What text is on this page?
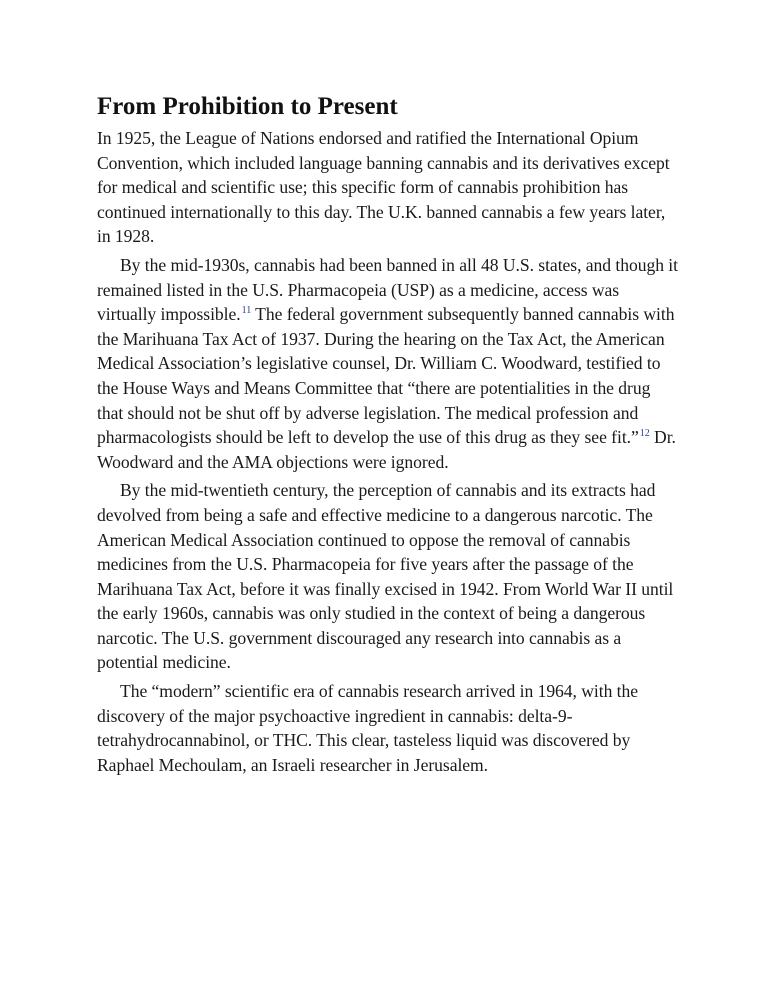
From Prohibition to Present

In 1925, the League of Nations endorsed and ratified the International Opium Convention, which included language banning cannabis and its derivatives except for medical and scientific use; this specific form of cannabis prohibition has continued internationally to this day. The U.K. banned cannabis a few years later, in 1928.

By the mid-1930s, cannabis had been banned in all 48 U.S. states, and though it remained listed in the U.S. Pharmacopeia (USP) as a medicine, access was virtually impossible.$^{11}$ The federal government subsequently banned cannabis with the Marihuana Tax Act of 1937. During the hearing on the Tax Act, the American Medical Association’s legislative counsel, Dr. William C. Woodward, testified to the House Ways and Means Committee that “there are potentialities in the drug that should not be shut off by adverse legislation. The medical profession and pharmacologists should be left to develop the use of this drug as they see fit.”$^{12}$ Dr. Woodward and the AMA objections were ignored.

By the mid-twentieth century, the perception of cannabis and its extracts had devolved from being a safe and effective medicine to a dangerous narcotic. The American Medical Association continued to oppose the removal of cannabis medicines from the U.S. Pharmacopeia for five years after the passage of the Marihuana Tax Act, before it was finally excised in 1942. From World War II until the early 1960s, cannabis was only studied in the context of being a dangerous narcotic. The U.S. government discouraged any research into cannabis as a potential medicine.

The “modern” scientific era of cannabis research arrived in 1964, with the discovery of the major psychoactive ingredient in cannabis: delta-9-tetrahydrocannabinol, or THC. This clear, tasteless liquid was discovered by Raphael Mechoulam, an Israeli researcher in Jerusalem.
